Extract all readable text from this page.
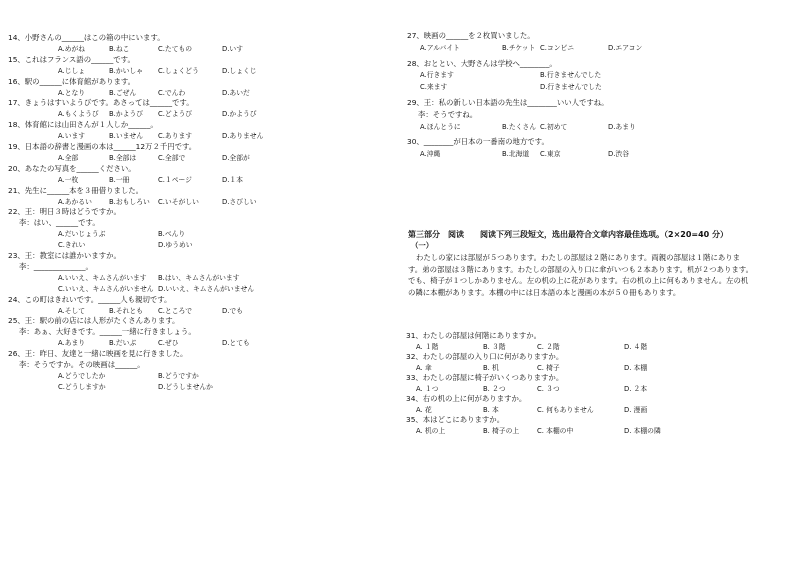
14、小野さんの______はこの箱の中にいます。
A.めがね	B.ねこ	C.たてもの	D.いす
15、これはフランス語の______です。
A.じしょ	B.かいしゃ C.しょくどう	D.しょくじ
16、駅の______に体育館があります。
A.となり	B.ごぜん	C.でんわ	D.あいだ
17、きょうはすいようびです。あさっては______です。
A.もくようび B.かようび C.どようび	D.かようび
18、体育館には山田さんが１人しか______。
A.います	B.いません C.あります	D.ありません
19、日本語の辞書と漫画の本は______12万２千円です。
A.全部	B.全部は	C.全部で	D.全部が
20、あなたの写真を______ください。
A.一枚	B.一冊	C.１ページ	D.１本
21、先生に______本を３冊借りました。
A.あかるい	B.おもしろい C.いそがしい	D.さびしい
22、王：明日３時はどうですか。
李：はい、______です。
A.だいじょうぶ	B.べんり
C.きれい	D.ゆうめい
23、王：教室には誰かいますか。
李：______________。
A.いいえ、キムさんがいます B.はい、キムさんがいます
C.いいえ、キムさんがいません D.いいえ、キムさんがいません
24、この町はきれいです。______人も親切です。
A.そして	B.それとも C.ところで	D.でも
25、王：駅の前の店には人形がたくさんあります。
李：あぁ、大好きです。______一緒に行きましょう。
A.あまり	B.だいぶ	C.ぜひ	D.とても
26、王：昨日、友達と一緒に映画を見に行きました。
李：そうですか。その映画は______。
A.どうでしたか	B.どうですか
C.どうしますか	D.どうしませんか
27、映画の______を２枚買いました。
A.アルバイト	B.チケット C.コンビニ	D.エアコン
28、おととい、大野さんは学校へ________。
A.行きます	B.行きませんでした
C.来ます	D.行きませんでした
29、王：私の新しい日本語の先生は________いい人ですね。
李：そうですね。
A.ほんとうに	B.たくさん C.初めて	D.あまり
30、________が日本の一番南の地方です。
A.沖縄	B.北海道 C.東京	D.渋谷
第三部分　阅读　　阅读下列三段短文，选出最符合文章内容最佳选项。（2×20=40 分）
（一）
わたしの家には部屋が５つあります。わたしの部屋は２階にあります。両親の部屋は１階にあります。弟の部屋は３階にあります。わたしの部屋の入り口に傘がいつも２本あります。机が２つあります。でも、椅子が１つしかありません。左の机の上に花があります。右の机の上に何もありません。左の机の隣に本棚があります。本棚の中には日本語の本と漫画の本が５０冊もあります。
31、わたしの部屋は何階にありますか。
A. １階	B. ３階	C. ２階	D. ４階
32、わたしの部屋の入り口に何がありますか。
A. 傘	B. 机	C. 椅子	D. 本棚
33、わたしの部屋に椅子がいくつありますか。
A. １つ	B. ２つ	C. ３つ	D. ２本
34、右の机の上に何がありますか。
A. 花	B. 本	C. 何もありません	D. 漫画
35、本はどこにありますか。
A. 机の上	B. 椅子の上	C. 本棚の中	D. 本棚の隣
